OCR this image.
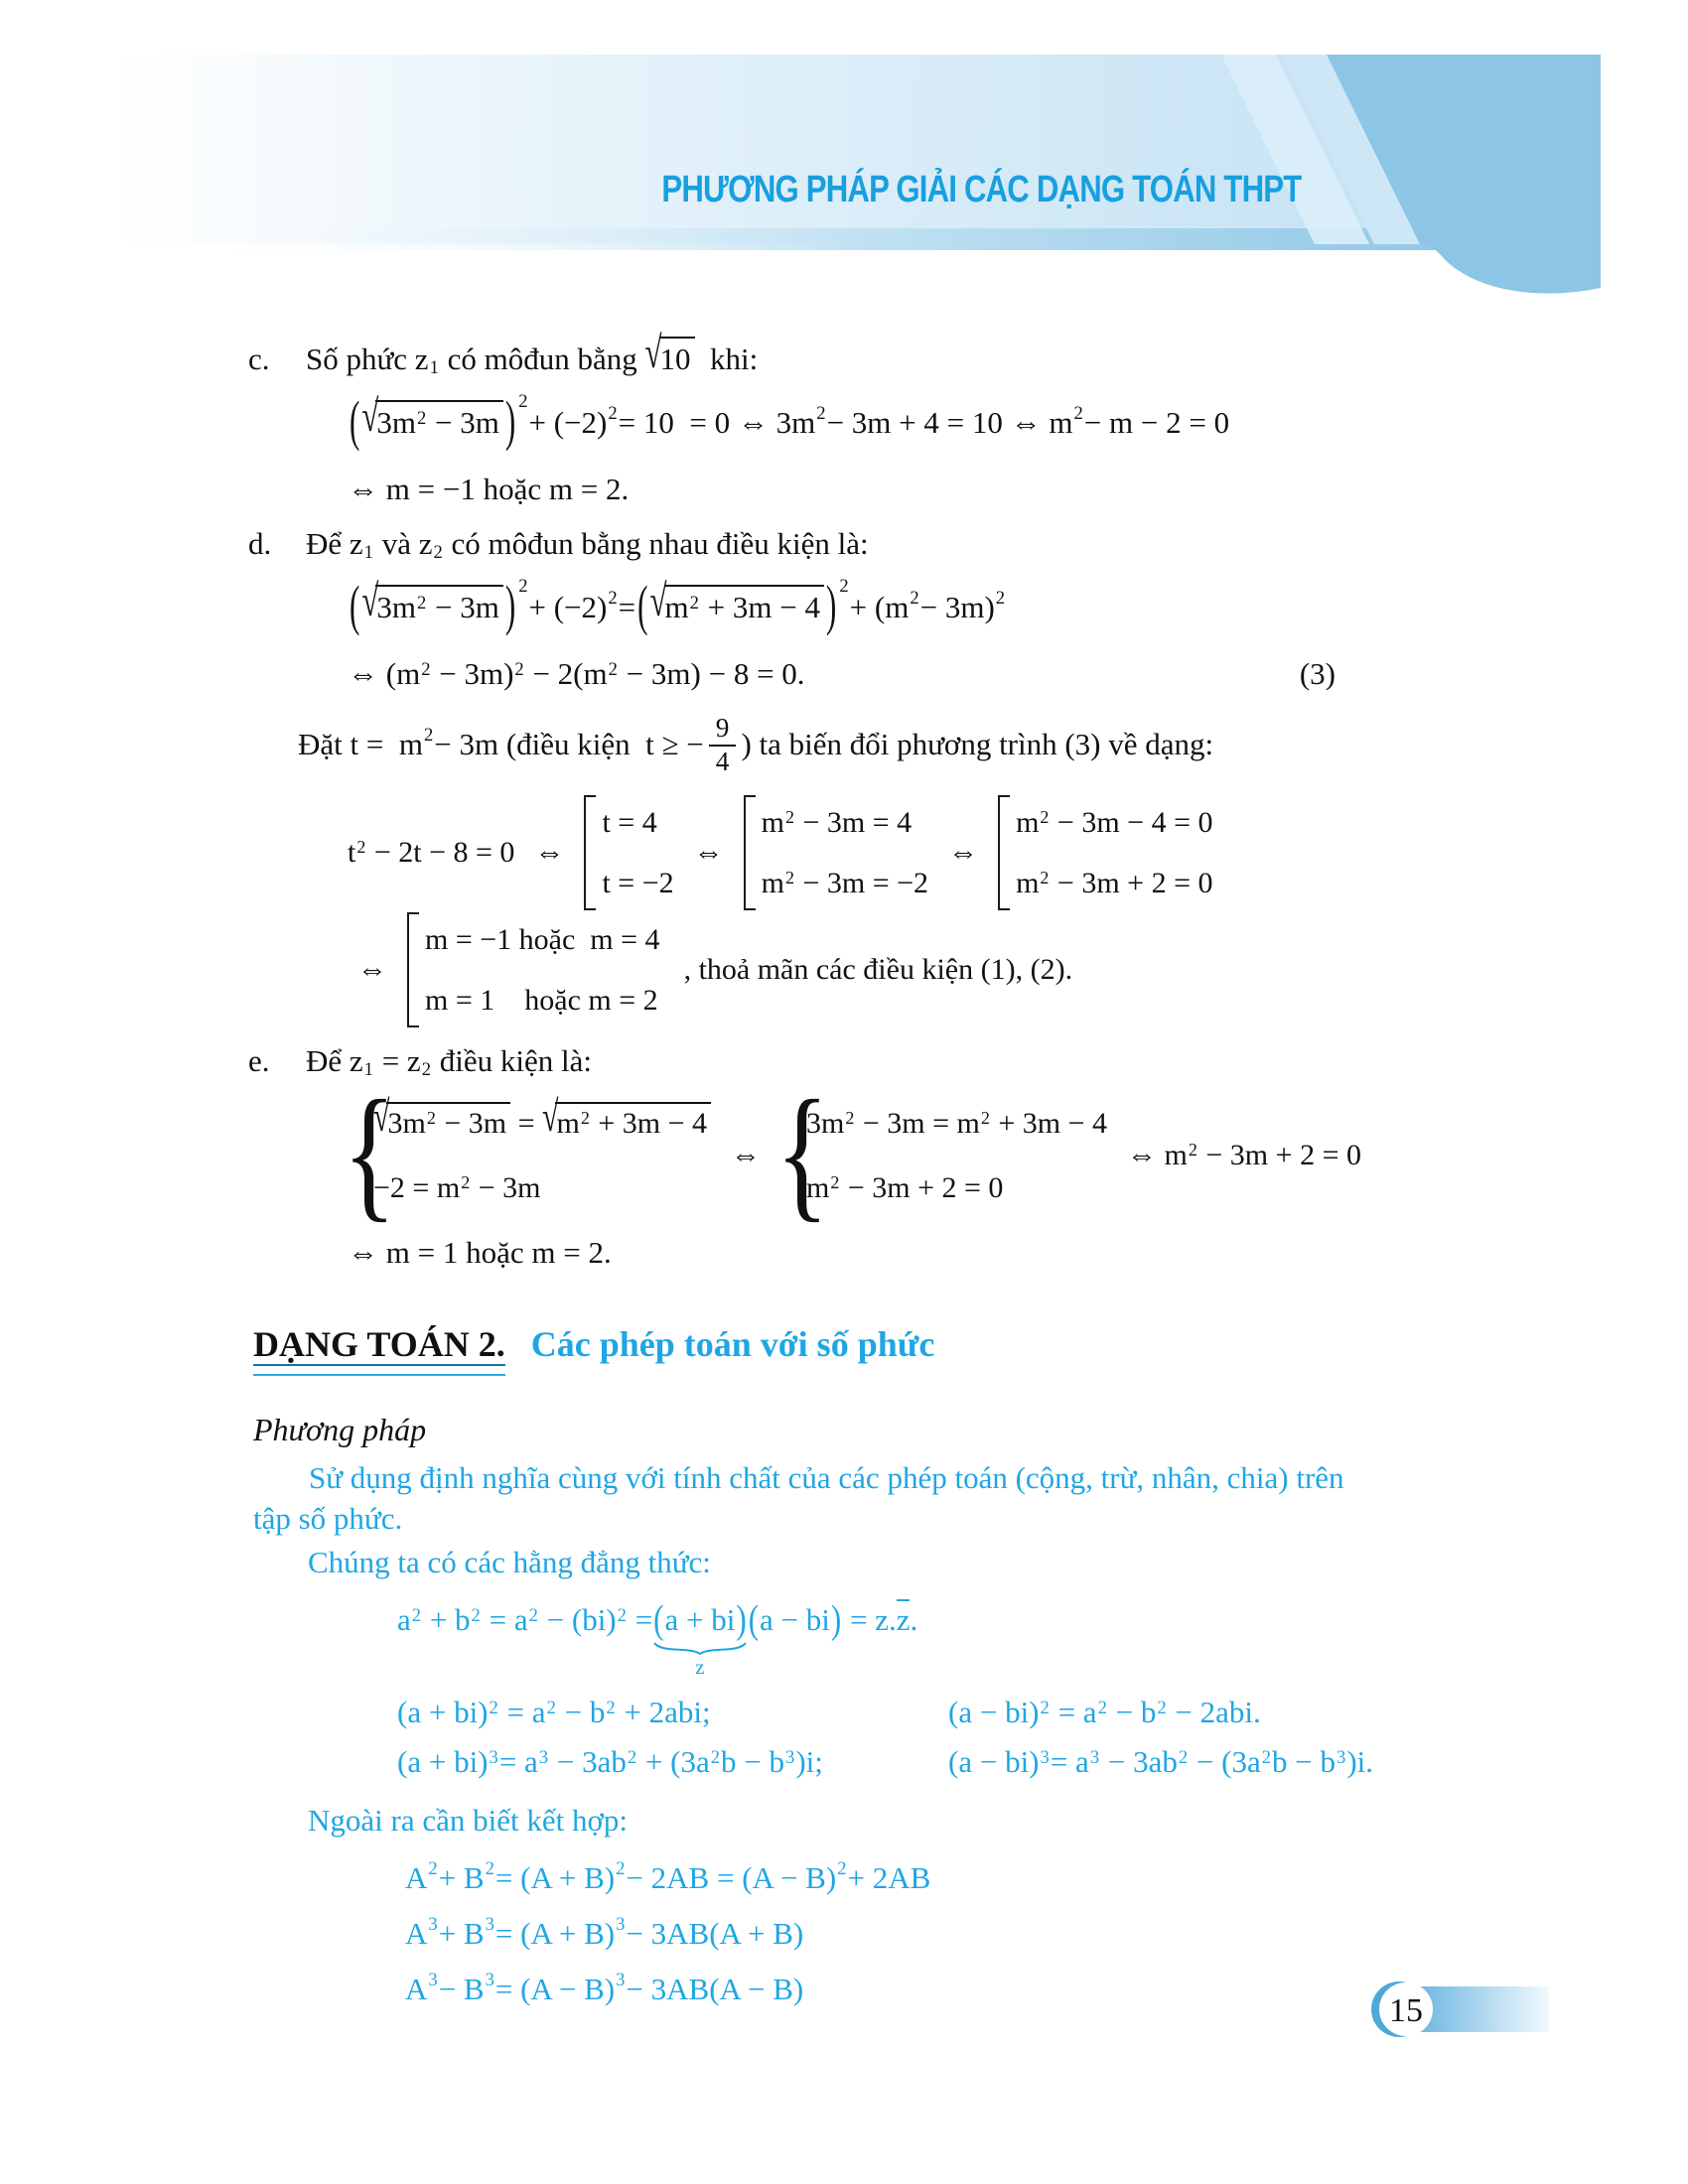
PHƯƠNG PHÁP GIẢI CÁC DẠNG TOÁN THPT
c.	Số phức z1 có môđun bằng √10  khi:
( $√3m^2 - 3m$ ) 2
+ (−2) 2 = 10  = 0 ⇔ 3m 2 − 3m + 4 = 10 ⇔ m 2 − m − 2 = 0
⇔ m = −1 hoặc m = 2.
d.	Để z1 và z2 có môđun bằng nhau điều kiện là:
( $√3m^2 - 3m$ ) 2
+ (−2) 2 = ( $√m^2 + 3m - 4$ ) 2
+ (m 2 − 3m) 2
⇔ $(m^2 - 3m)^2 - 2(m^2 - 3m) - 8 = 0$.	(3)
Đặt t =  m 2 − 3m (điều kiện  t ≥ − $\frac{9}{4}$ ) ta biến đổi phương trình (3) về dạng:
$t^2 - 2t - 8 = 0$ ⇔
t = 4
t = −2
⇔
$m^2 - 3m = 4$
$m^2 - 3m = -2$
⇔
$m^2 - 3m - 4 = 0$
$m^2 - 3m + 2 = 0$
⇔
m = −1 hoặc  m = 4
m = 1    hoặc m = 2
, thoả mãn các điều kiện (1), (2).
e.	Để z1 = z2 điều kiện là:
{ $√3m^2 - 3m = √m^2 + 3m - 4$
$-2 = m^2 - 3m$
⇔
{ $3m^2 - 3m = m^2 + 3m - 4$
$m^2 - 3m + 2 = 0$
⇔ $m^2 - 3m + 2 = 0$
⇔ m = 1 hoặc m = 2.
DẠNG TOÁN 2. Các phép toán với số phức
Phương pháp
Sử dụng định nghĩa cùng với tính chất của các phép toán (cộng, trừ, nhân, chia) trên
tập số phức.
Chúng ta có các hằng đẳng thức:
$a^2 + b^2 = a^2 - (bi)^2 = (a + bi)$
z
(a − bi) = z.z.
$(a + bi)^2 = a^2 - b^2 + 2abi$;	$(a - bi)^2 = a^2 - b^2 - 2abi$.
$(a + bi)^3= a^3 - 3ab^2 + (3a^2b - b^3)i$;	$(a - bi)^3= a^3 - 3ab^2 - (3a^2b - b^3)i$.
Ngoài ra cần biết kết hợp:
A 2 + B 2 = (A + B) 2 − 2AB = (A − B) 2 + 2AB
A 3 + B 3 = (A + B) 3 − 3AB(A + B)
A 3 − B 3 = (A − B) 3 − 3AB(A − B)
15
